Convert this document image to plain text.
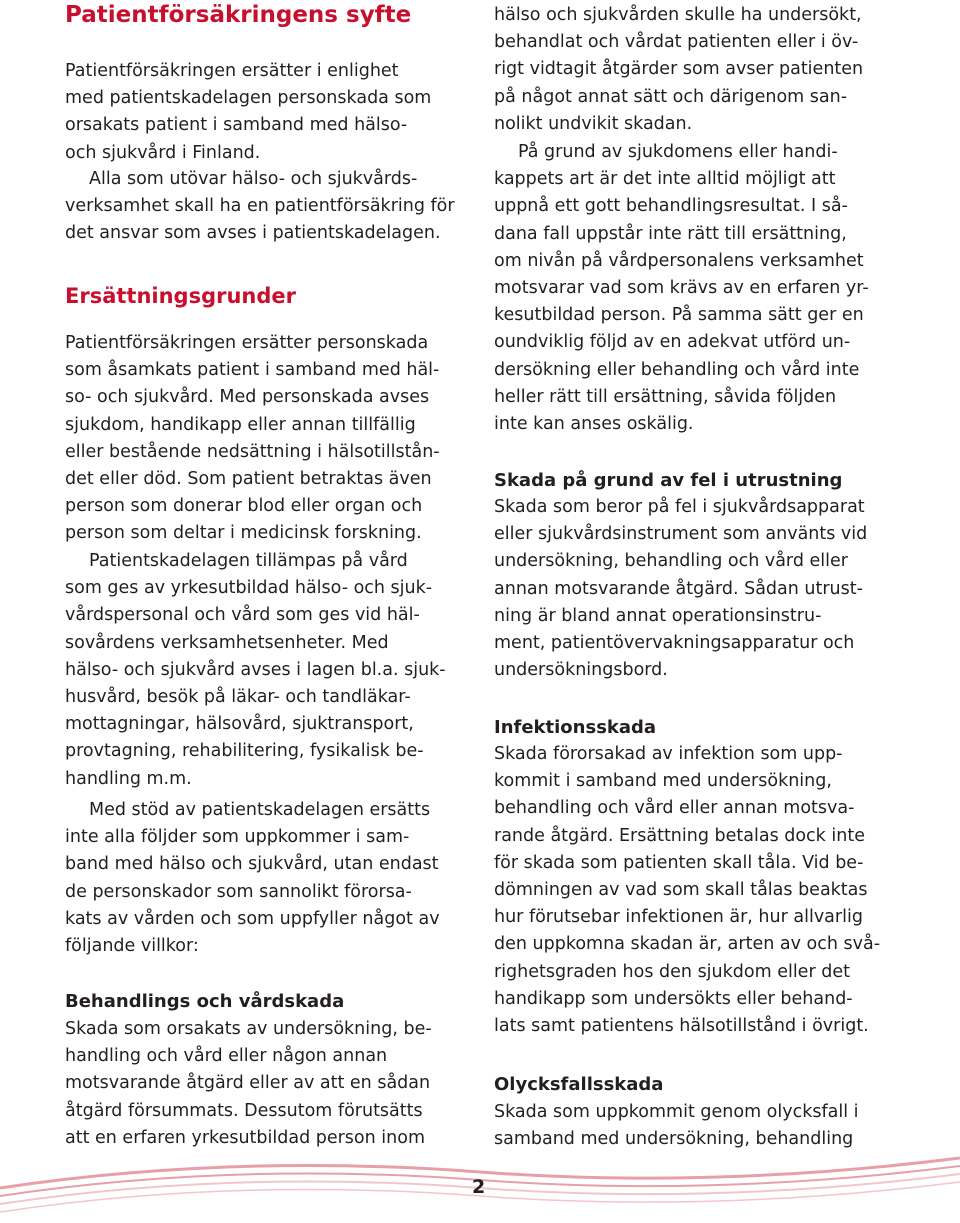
Patientförsäkringens syfte
Patientförsäkringen ersätter i enlighet
med patientskadelagen personskada som
orsakats patient i samband med hälso-
och sjukvård i Finland.
Alla som utövar hälso- och sjukvårds-
verksamhet skall ha en patientförsäkring för
det ansvar som avses i patientskadelagen.
Ersättningsgrunder
Patientförsäkringen ersätter personskada
som åsamkats patient i samband med häl-
so- och sjukvård. Med personskada avses
sjukdom, handikapp eller annan tillfällig
eller bestående nedsättning i hälsotillstån-
det eller död. Som patient betraktas även
person som donerar blod eller organ och
person som deltar i medicinsk forskning.
Patientskadelagen tillämpas på vård
som ges av yrkesutbildad hälso- och sjuk-
vårdspersonal och vård som ges vid häl-
sovårdens verksamhetsenheter. Med
hälso- och sjukvård avses i lagen bl.a. sjuk-
husvård, besök på läkar- och tandläkar-
mottagningar, hälsovård, sjuktransport,
provtagning, rehabilitering, fysikalisk be-
handling m.m.
Med stöd av patientskadelagen ersätts
inte alla följder som uppkommer i sam-
band med hälso och sjukvård, utan endast
de personskador som sannolikt förorsa-
kats av vården och som uppfyller något av
följande villkor:
Behandlings och vårdskada
Skada som orsakats av undersökning, be-
handling och vård eller någon annan
motsvarande åtgärd eller av att en sådan
åtgärd försummats. Dessutom förutsätts
att en erfaren yrkesutbildad person inom
hälso och sjukvården skulle ha undersökt,
behandlat och vårdat patienten eller i öv-
rigt vidtagit åtgärder som avser patienten
på något annat sätt och därigenom san-
nolikt undvikit skadan.
På grund av sjukdomens eller handi-
kappets art är det inte alltid möjligt att
uppnå ett gott behandlingsresultat. I så-
dana fall uppstår inte rätt till ersättning,
om nivån på vårdpersonalens verksamhet
motsvarar vad som krävs av en erfaren yr-
kesutbildad person. På samma sätt ger en
oundviklig följd av en adekvat utförd un-
dersökning eller behandling och vård inte
heller rätt till ersättning, såvida följden
inte kan anses oskälig.
Skada på grund av fel i utrustning
Skada som beror på fel i sjukvårdsapparat
eller sjukvårdsinstrument som använts vid
undersökning, behandling och vård eller
annan motsvarande åtgärd. Sådan utrust-
ning är bland annat operationsinstru-
ment, patientövervakningsapparatur och
undersökningsbord.
Infektionsskada
Skada förorsakad av infektion som upp-
kommit i samband med undersökning,
behandling och vård eller annan motsva-
rande åtgärd. Ersättning betalas dock inte
för skada som patienten skall tåla. Vid be-
dömningen av vad som skall tålas beaktas
hur förutsebar infektionen är, hur allvarlig
den uppkomna skadan är, arten av och svå-
righetsgraden hos den sjukdom eller det
handikapp som undersökts eller behand-
lats samt patientens hälsotillstånd i övrigt.
Olycksfallsskada
Skada som uppkommit genom olycksfall i
samband med undersökning, behandling
2
